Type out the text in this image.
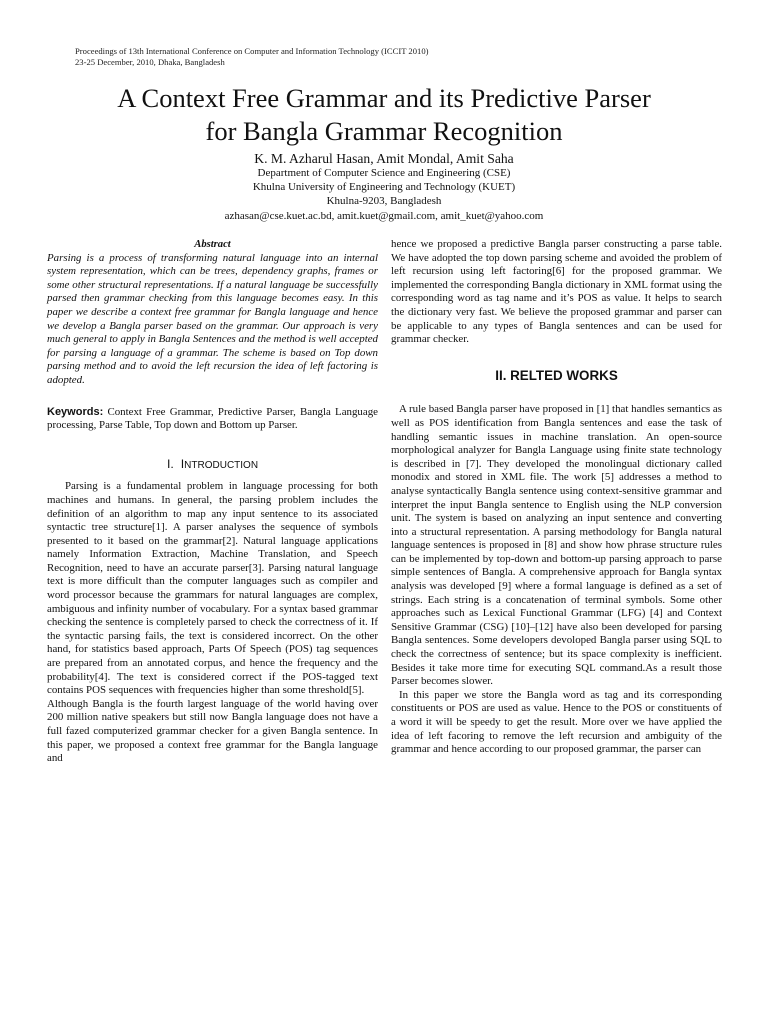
Proceedings of 13th International Conference on Computer and Information Technology (ICCIT 2010)
23-25 December, 2010, Dhaka, Bangladesh
A Context Free Grammar and its Predictive Parser
for Bangla Grammar Recognition
K. M. Azharul Hasan, Amit Mondal, Amit Saha
Department of Computer Science and Engineering (CSE)
Khulna University of Engineering and Technology (KUET)
Khulna-9203, Bangladesh
azhasan@cse.kuet.ac.bd, amit.kuet@gmail.com, amit_kuet@yahoo.com

Abstract

Parsing is a process of transforming natural language into an internal system representation, which can be trees, dependency graphs, frames or some other structural representations. If a natural language be successfully parsed then grammar checking from this language becomes easy. In this paper we describe a context free grammar for Bangla language and hence we develop a Bangla parser based on the grammar. Our approach is very much general to apply in Bangla Sentences and the method is well accepted for parsing a language of a grammar. The scheme is based on Top down parsing method and to avoid the left recursion the idea of left factoring is adopted.

Keywords: Context Free Grammar, Predictive Parser, Bangla Language processing, Parse Table, Top down and Bottom up Parser.

I. INTRODUCTION

Parsing is a fundamental problem in language processing for both machines and humans. In general, the parsing problem includes the definition of an algorithm to map any input sentence to its associated syntactic tree structure[1]. A parser analyses the sequence of symbols presented to it based on the grammar[2]. Natural language applications namely Information Extraction, Machine Translation, and Speech Recognition, need to have an accurate parser[3]. Parsing natural language text is more difficult than the computer languages such as compiler and word processor because the grammars for natural languages are complex, ambiguous and infinity number of vocabulary. For a syntax based grammar checking the sentence is completely parsed to check the correctness of it. If the syntactic parsing fails, the text is considered incorrect. On the other hand, for statistics based approach, Parts Of Speech (POS) tag sequences are prepared from an annotated corpus, and hence the frequency and the probability[4]. The text is considered correct if the POS-tagged text contains POS sequences with frequencies higher than some threshold[5].

Although Bangla is the fourth largest language of the world having over 200 million native speakers but still now Bangla language does not have a full fazed computerized grammar checker for a given Bangla sentence. In this paper, we proposed a context free grammar for the Bangla language and

hence we proposed a predictive Bangla parser constructing a parse table. We have adopted the top down parsing scheme and avoided the problem of left recursion using left factoring[6] for the proposed grammar. We implemented the corresponding Bangla dictionary in XML format using the corresponding word as tag name and it’s POS as value. It helps to search the dictionary very fast. We believe the proposed grammar and parser can be applicable to any types of Bangla sentences and can be used for grammar checker.

II. RELTED WORKS

A rule based Bangla parser have proposed in [1] that handles semantics as well as POS identification from Bangla sentences and ease the task of handling semantic issues in machine translation. An open-source morphological analyzer for Bangla Language using finite state technology is described in [7]. They developed the monolingual dictionary called monodix and stored in XML file. The work [5] addresses a method to analyse syntactically Bangla sentence using context-sensitive grammar and interpret the input Bangla sentence to English using the NLP conversion unit. The system is based on analyzing an input sentence and converting into a structural representation. A parsing methodology for Bangla natural language sentences is proposed in [8] and show how phrase structure rules can be implemented by top-down and bottom-up parsing approach to parse simple sentences of Bangla. A comprehensive approach for Bangla syntax analysis was developed [9] where a formal language is defined as a set of strings. Each string is a concatenation of terminal symbols. Some other approaches such as Lexical Functional Grammar (LFG) [4] and Context Sensitive Grammar (CSG) [10]–[12] have also been developed for parsing Bangla sentences. Some developers devoloped Bangla parser using SQL to check the correctness of sentence; but its space complexity is inefficient. Besides it take more time for executing SQL command.As a result those Parser becomes slower.

In this paper we store the Bangla word as tag and its corresponding constituents or POS are used as value. Hence to the POS or constituents of a word it will be speedy to get the result. More over we have applied the idea of left facoring to remove the left recursion and ambiguity of the grammar and hence according to our proposed grammar, the parser can
